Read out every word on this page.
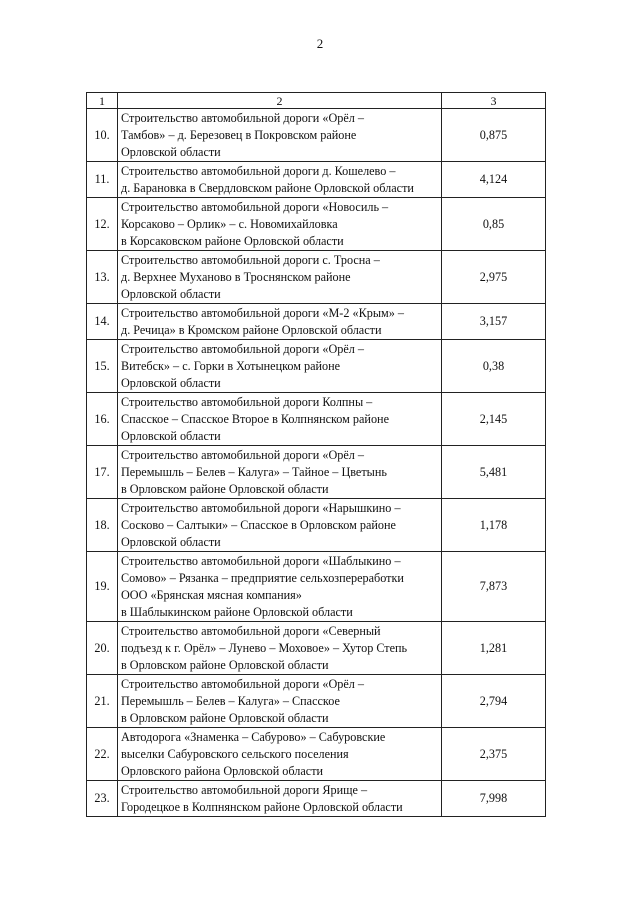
2
1	2	3
10.	Строительство автомобильной дороги «Орёл –
Тамбов» – д. Березовец в Покровском районе
Орловской области	0,875
11.	Строительство автомобильной дороги д. Кошелево –
д. Барановка в Свердловском районе Орловской области	4,124
12.	Строительство автомобильной дороги «Новосиль –
Корсаково – Орлик» – с. Новомихайловка
в Корсаковском районе Орловской области	0,85
13.	Строительство автомобильной дороги с. Тросна –
д. Верхнее Муханово в Троснянском районе
Орловской области	2,975
14.	Строительство автомобильной дороги «М-2 «Крым» –
д. Речица» в Кромском районе Орловской области	3,157
15.	Строительство автомобильной дороги «Орёл –
Витебск» – с. Горки в Хотынецком районе
Орловской области	0,38
16.	Строительство автомобильной дороги Колпны –
Спасское – Спасское Второе в Колпнянском районе
Орловской области	2,145
17.	Строительство автомобильной дороги «Орёл –
Перемышль – Белев – Калуга» – Тайное – Цветынь
в Орловском районе Орловской области	5,481
18.	Строительство автомобильной дороги «Нарышкино –
Сосково – Салтыки» – Спасское в Орловском районе
Орловской области	1,178
19.	Строительство автомобильной дороги «Шаблыкино –
Сомово» – Рязанка – предприятие сельхозпереработки
ООО «Брянская мясная компания»
в Шаблыкинском районе Орловской области	7,873
20.	Строительство автомобильной дороги «Северный
подъезд к г. Орёл» – Лунево – Моховое» – Хутор Степь
в Орловском районе Орловской области	1,281
21.	Строительство автомобильной дороги «Орёл –
Перемышль – Белев – Калуга» – Спасское
в Орловском районе Орловской области	2,794
22.	Автодорога «Знаменка – Сабурово» – Сабуровские
выселки Сабуровского сельского поселения
Орловского района Орловской области	2,375
23.	Строительство автомобильной дороги Ярище –
Городецкое в Колпнянском районе Орловской области	7,998
